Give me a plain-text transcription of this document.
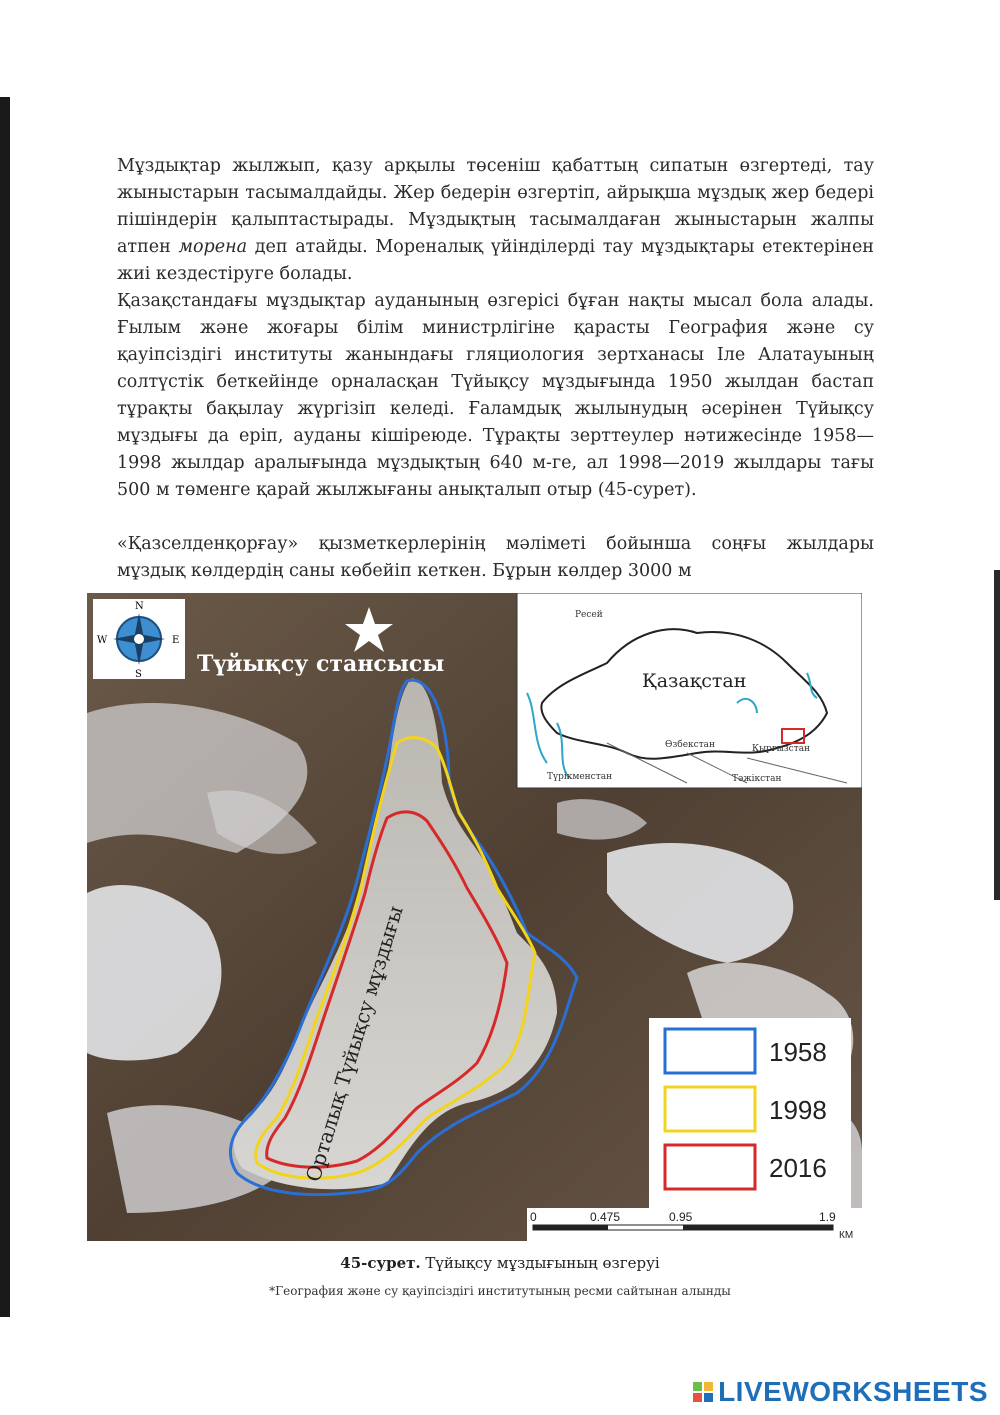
Мұздықтар жылжып, қазу арқылы төсеніш қабаттың сипатын өзгертеді, тау жыныстарын тасымалдайды. Жер бедерін өзгертіп, айрықша мұздық жер бедері пішіндерін қалыптастырады. Мұздықтың тасымалдаған жыныстарын жалпы атпен морена деп атайды. Мореналық үйінділерді тау мұздықтары етектерінен жиі кездестіруге болады.

Қазақстандағы мұздықтар ауданының өзгерісі бұған нақты мысал бола алады. Ғылым және жоғары білім министрлігіне қарасты География және су қауіпсіздігі институты жанындағы гляциология зертханасы Іле Алатауының солтүстік беткейінде орналасқан Түйықсу мұздығында 1950 жылдан бастап тұрақты бақылау жүргізіп келеді. Ғаламдық жылынудың әсерінен Түйықсу мұздығы да еріп, ауданы кішіреюде. Тұрақты зерттеулер нәтижесінде 1958—1998 жылдар аралығында мұздықтың 640 м-ге, ал 1998—2019 жылдары тағы 500 м төменге қарай жылжығаны анықталып отыр (45-сурет).

«Қазселденқорғау» қызметкерлерінің мәліметі бойынша соңғы жылдары мұздық көлдердің саны көбейіп кеткен. Бұрын көлдер 3000 м

Орталық Түйықсу мұздығы
N
S
W	E
Түйықсу стансысы
Қазақстан
Ресей
Өзбекстан	Қырғызстан
Түрікменстан	Тәжікстан
1958
1998
2016
0	0.475	0.95	1.9
КМ
45-сурет. Түйықсу мұздығының өзгеруі
*География және су қауіпсіздігі институтының ресми сайтынан алынды
LIVEWORKSHEETS
